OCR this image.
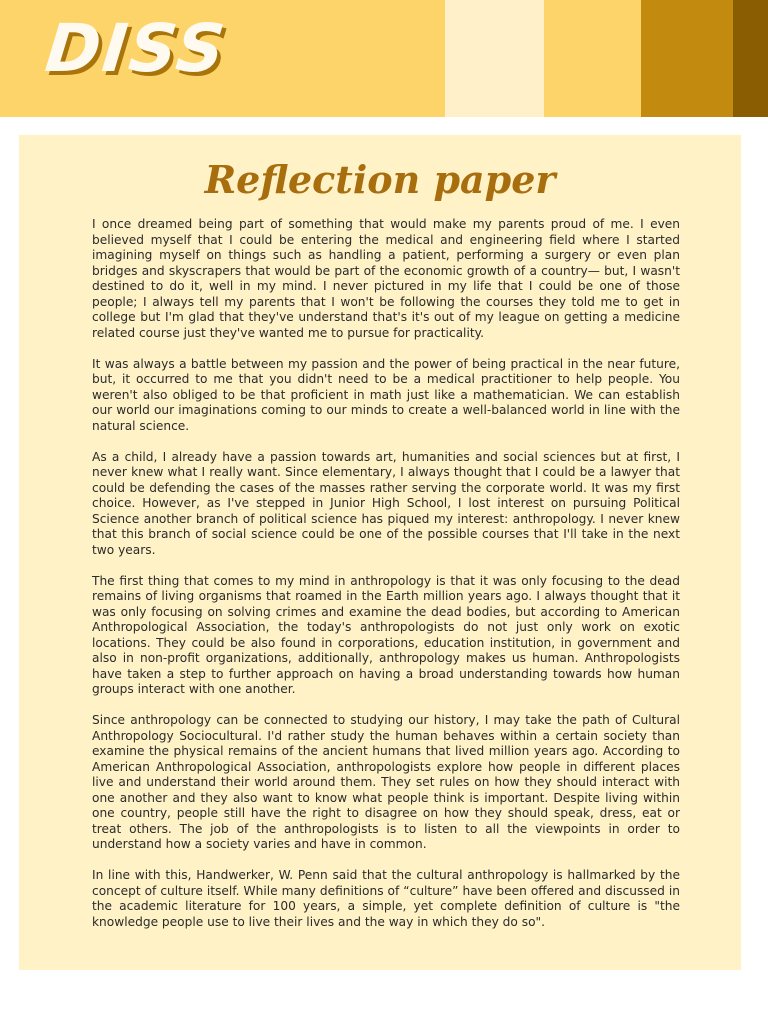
DISS
Reflection paper

I once dreamed being part of something that would make my parents proud of me. I even believed myself that I could be entering the medical and engineering field where I started imagining myself on things such as handling a patient, performing a surgery or even plan bridges and skyscrapers that would be part of the economic growth of a country— but, I wasn't destined to do it, well in my mind. I never pictured in my life that I could be one of those people; I always tell my parents that I won't be following the courses they told me to get in college but I'm glad that they've understand that's it's out of my league on getting a medicine related course just they've wanted me to pursue for practicality.

It was always a battle between my passion and the power of being practical in the near future, but, it occurred to me that you didn't need to be a medical practitioner to help people. You weren't also obliged to be that proficient in math just like a mathematician. We can establish our world our imaginations coming to our minds to create a well-balanced world in line with the natural science.

As a child, I already have a passion towards art, humanities and social sciences but at first, I never knew what I really want. Since elementary, I always thought that I could be a lawyer that could be defending the cases of the masses rather serving the corporate world. It was my first choice. However, as I've stepped in Junior High School, I lost interest on pursuing Political Science another branch of political science has piqued my interest: anthropology. I never knew that this branch of social science could be one of the possible courses that I'll take in the next two years.

The first thing that comes to my mind in anthropology is that it was only focusing to the dead remains of living organisms that roamed in the Earth million years ago. I always thought that it was only focusing on solving crimes and examine the dead bodies, but according to American Anthropological Association, the today's anthropologists do not just only work on exotic locations. They could be also found in corporations, education institution, in government and also in non-profit organizations, additionally, anthropology makes us human. Anthropologists have taken a step to further approach on having a broad understanding towards how human groups interact with one another.

Since anthropology can be connected to studying our history, I may take the path of Cultural Anthropology Sociocultural. I'd rather study the human behaves within a certain society than examine the physical remains of the ancient humans that lived million years ago. According to American Anthropological Association, anthropologists explore how people in different places live and understand their world around them. They set rules on how they should interact with one another and they also want to know what people think is important. Despite living within one country, people still have the right to disagree on how they should speak, dress, eat or treat others. The job of the anthropologists is to listen to all the viewpoints in order to understand how a society varies and have in common.

In line with this, Handwerker, W. Penn said that the cultural anthropology is hallmarked by the concept of culture itself. While many definitions of “culture” have been offered and discussed in the academic literature for 100 years, a simple, yet complete definition of culture is "the knowledge people use to live their lives and the way in which they do so".
